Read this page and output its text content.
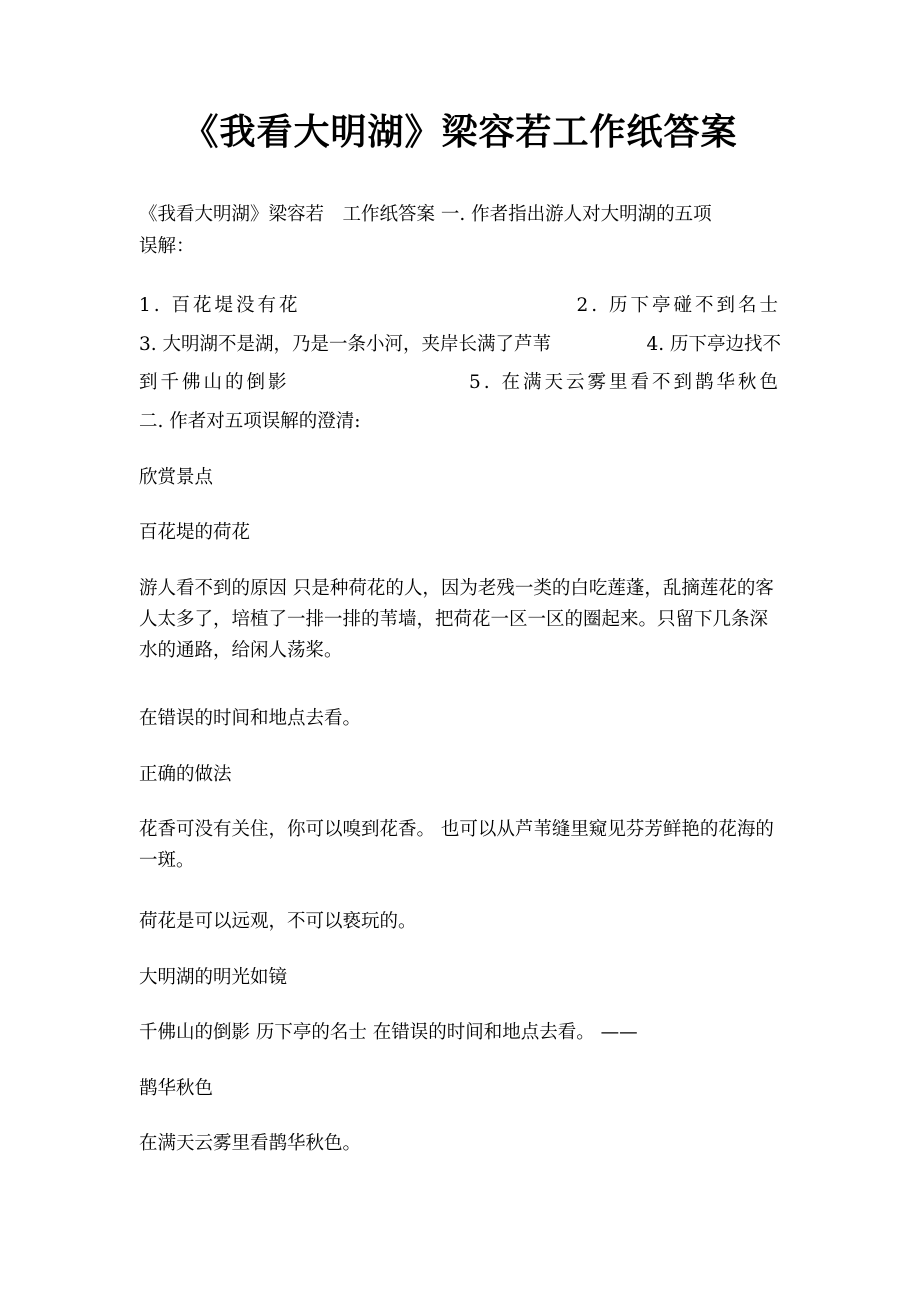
《我看大明湖》梁容若工作纸答案

《我看大明湖》梁容若　工作纸答案 一. 作者指出游人对大明湖的五项

误解：

1. 百花堤没有花	2. 历下亭碰不到名士
3. 大明湖不是湖，乃是一条小河，夹岸长满了芦苇	4. 历下亭边找不
到千佛山的倒影	5. 在满天云雾里看不到鹊华秋色

二. 作者对五项误解的澄清:

欣赏景点

百花堤的荷花

游人看不到的原因 只是种荷花的人，因为老残一类的白吃莲蓬，乱摘莲花的客人太多了，培植了一排一排的苇墙，把荷花一区一区的圈起来。只留下几条深水的通路，给闲人荡桨。

在错误的时间和地点去看。

正确的做法

花香可没有关住，你可以嗅到花香。 也可以从芦苇缝里窥见芬芳鲜艳的花海的一斑。

荷花是可以远观，不可以亵玩的。

大明湖的明光如镜

千佛山的倒影 历下亭的名士 在错误的时间和地点去看。 ——

鹊华秋色

在满天云雾里看鹊华秋色。
